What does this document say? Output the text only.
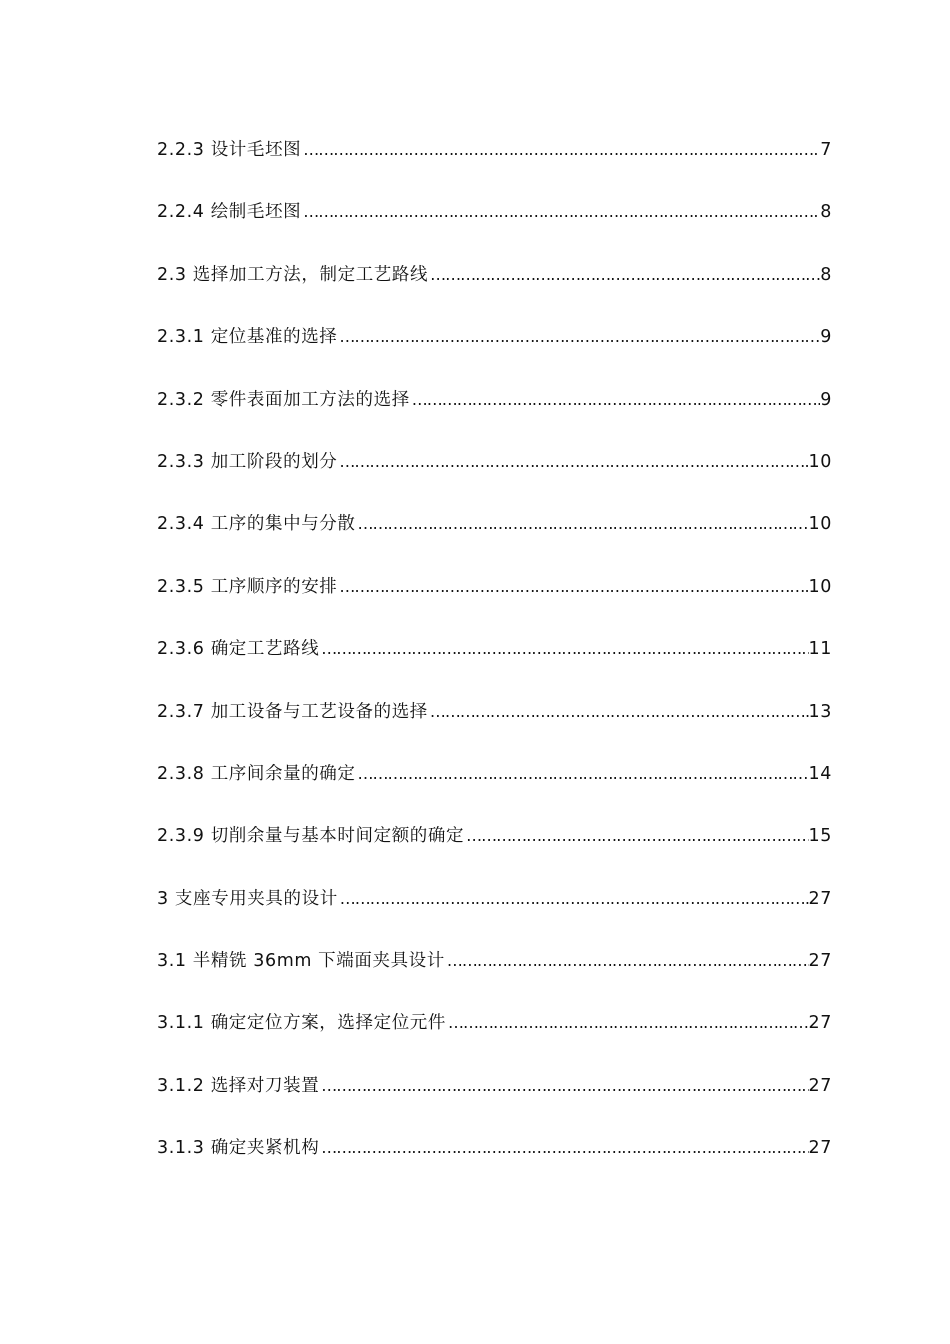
2.2.3 设计毛坯图 ……………………………………………………………………………………………………………………………………………………	7
2.2.4 绘制毛坯图 ……………………………………………………………………………………………………………………………………………………	8
2.3 选择加工方法，制定工艺路线 ……………………………………………………………………………………………………………………………………………………	8
2.3.1 定位基准的选择 ……………………………………………………………………………………………………………………………………………………	9
2.3.2 零件表面加工方法的选择 ……………………………………………………………………………………………………………………………………………………	9
2.3.3 加工阶段的划分 ……………………………………………………………………………………………………………………………………………………	10
2.3.4 工序的集中与分散 ……………………………………………………………………………………………………………………………………………………	10
2.3.5 工序顺序的安排 ……………………………………………………………………………………………………………………………………………………	10
2.3.6 确定工艺路线 ……………………………………………………………………………………………………………………………………………………	11
2.3.7 加工设备与工艺设备的选择 ……………………………………………………………………………………………………………………………………………………	13
2.3.8 工序间余量的确定 ……………………………………………………………………………………………………………………………………………………	14
2.3.9 切削余量与基本时间定额的确定 ……………………………………………………………………………………………………………………………………………………	15
3 支座专用夹具的设计 ……………………………………………………………………………………………………………………………………………………	27
3.1 半精铣 36mm 下端面夹具设计 ……………………………………………………………………………………………………………………………………………………	27
3.1.1 确定定位方案，选择定位元件 ……………………………………………………………………………………………………………………………………………………	27
3.1.2 选择对刀装置 ……………………………………………………………………………………………………………………………………………………	27
3.1.3 确定夹紧机构 ……………………………………………………………………………………………………………………………………………………	27
